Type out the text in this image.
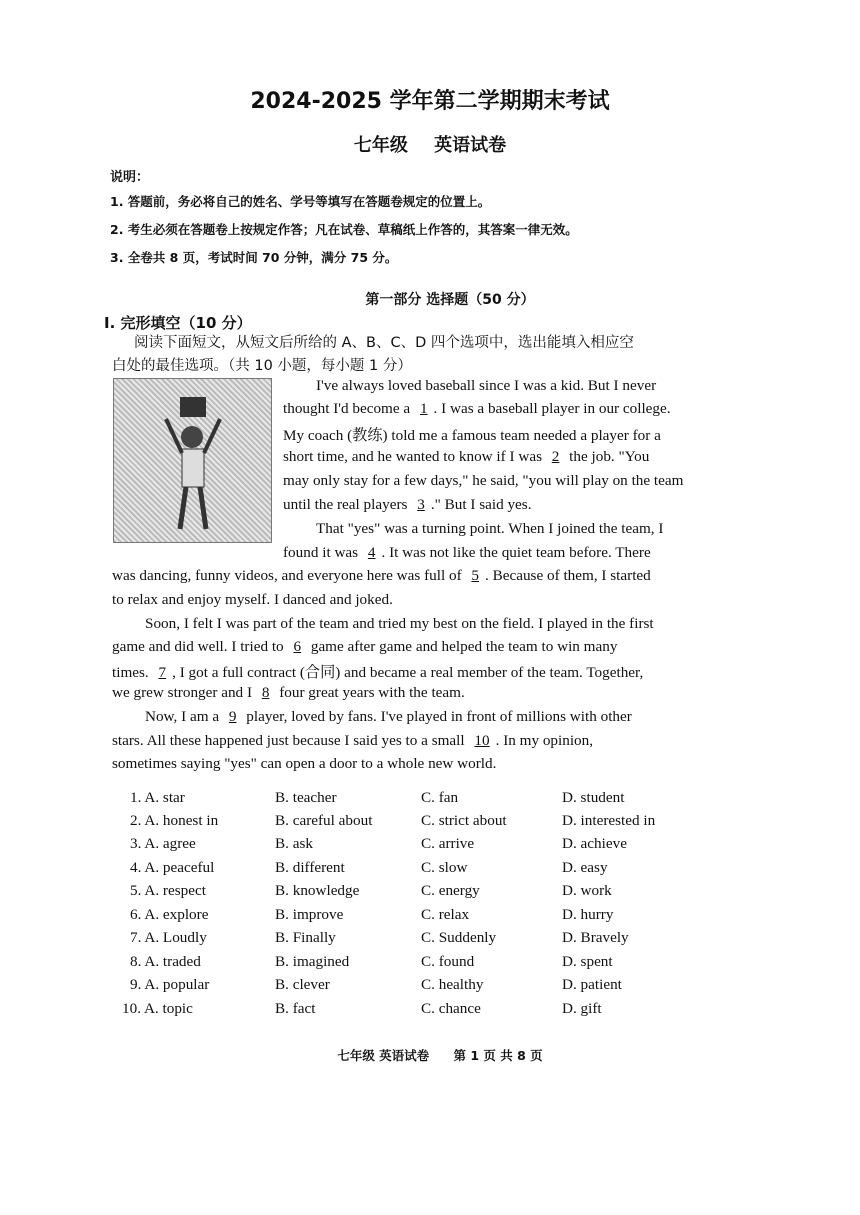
2024-2025 学年第二学期期末考试
七年级 英语试卷
说明：
1. 答题前，务必将自己的姓名、学号等填写在答题卷规定的位置上。
2. 考生必须在答题卷上按规定作答；凡在试卷、草稿纸上作答的，其答案一律无效。
3. 全卷共 8 页，考试时间 70 分钟，满分 75 分。
第一部分 选择题（50 分）
I. 完形填空（10 分）
阅读下面短文，从短文后所给的 A、B、C、D 四个选项中，选出能填入相应空
白处的最佳选项。（共 10 小题，每小题 1 分）
I've always loved baseball since I was a kid. But I never
thought I'd become a 1 . I was a baseball player in our college.
My coach (教练) told me a famous team needed a player for a
short time, and he wanted to know if I was 2 the job. "You
may only stay for a few days," he said, "you will play on the team
until the real players 3 ." But I said yes.
That "yes" was a turning point. When I joined the team, I
found it was 4 . It was not like the quiet team before. There
was dancing, funny videos, and everyone here was full of 5 . Because of them, I started
to relax and enjoy myself. I danced and joked.
Soon, I felt I was part of the team and tried my best on the field. I played in the first
game and did well. I tried to 6 game after game and helped the team to win many
times. 7 , I got a full contract (合同) and became a real member of the team. Together,
we grew stronger and I 8 four great years with the team.
Now, I am a 9 player, loved by fans. I've played in front of millions with other
stars. All these happened just because I said yes to a small 10 . In my opinion,
sometimes saying "yes" can open a door to a whole new world.
1. A. star	B. teacher	C. fan	D. student
2. A. honest in	B. careful about	C. strict about	D. interested in
3. A. agree	B. ask	C. arrive	D. achieve
4. A. peaceful	B. different	C. slow	D. easy
5. A. respect	B. knowledge	C. energy	D. work
6. A. explore	B. improve	C. relax	D. hurry
7. A. Loudly	B. Finally	C. Suddenly	D. Bravely
8. A. traded	B. imagined	C. found	D. spent
9. A. popular	B. clever	C. healthy	D. patient
10. A. topic	B. fact	C. chance	D. gift
七年级 英语试卷 第 1 页 共 8 页
